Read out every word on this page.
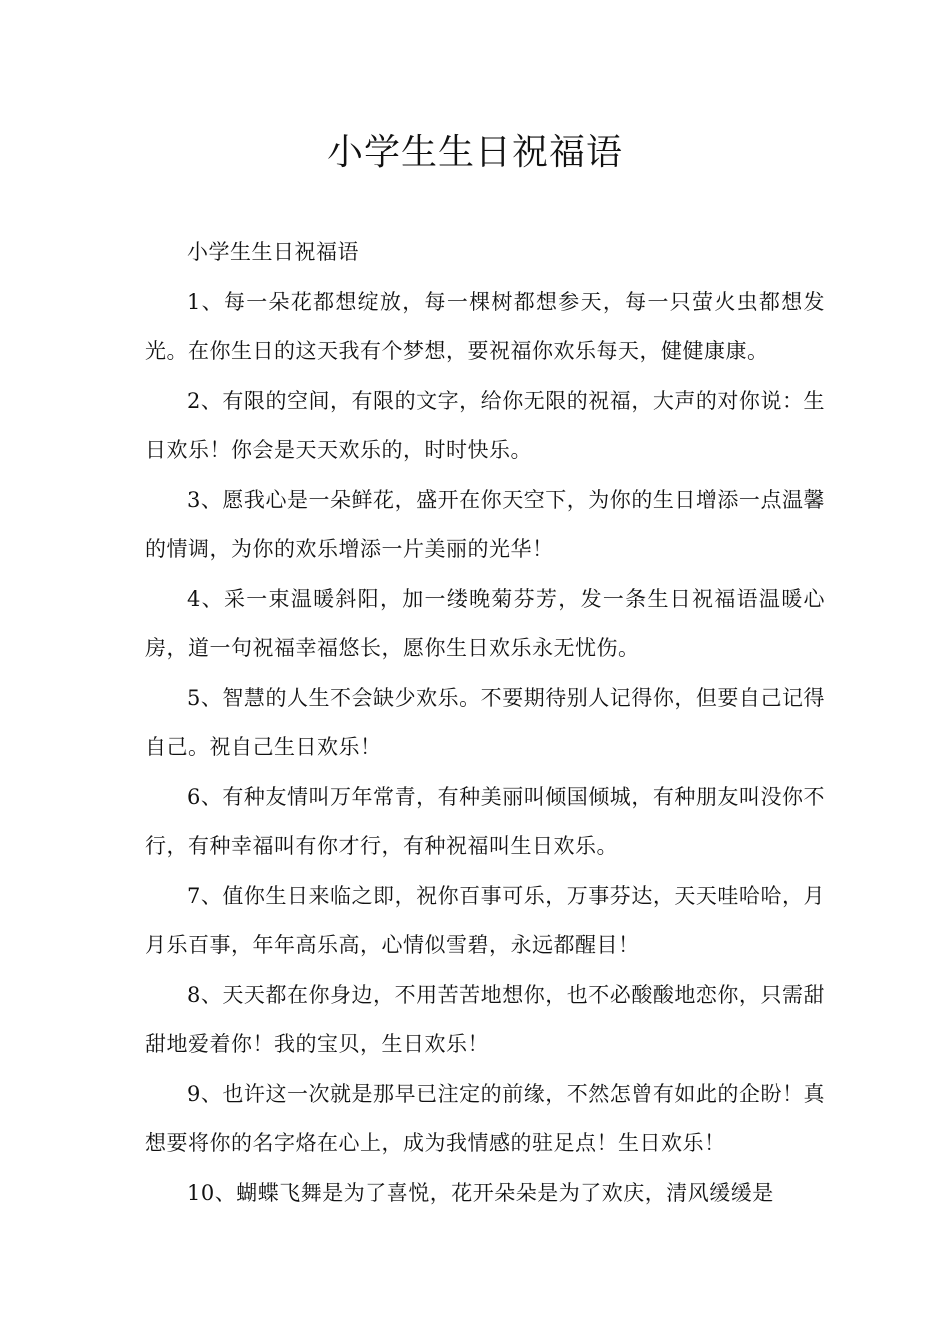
小学生生日祝福语

小学生生日祝福语

1、每一朵花都想绽放，每一棵树都想参天，每一只萤火虫都想发光。在你生日的这天我有个梦想，要祝福你欢乐每天，健健康康。

2、有限的空间，有限的文字，给你无限的祝福，大声的对你说：生日欢乐！你会是天天欢乐的，时时快乐。

3、愿我心是一朵鲜花，盛开在你天空下，为你的生日增添一点温馨的情调，为你的欢乐增添一片美丽的光华！

4、采一束温暖斜阳，加一缕晚菊芬芳，发一条生日祝福语温暖心房，道一句祝福幸福悠长，愿你生日欢乐永无忧伤。

5、智慧的人生不会缺少欢乐。不要期待别人记得你，但要自己记得自己。祝自己生日欢乐！

6、有种友情叫万年常青，有种美丽叫倾国倾城，有种朋友叫没你不行，有种幸福叫有你才行，有种祝福叫生日欢乐。

7、值你生日来临之即，祝你百事可乐，万事芬达，天天哇哈哈，月月乐百事，年年高乐高，心情似雪碧，永远都醒目！

8、天天都在你身边，不用苦苦地想你，也不必酸酸地恋你，只需甜甜地爱着你！我的宝贝，生日欢乐！

9、也许这一次就是那早已注定的前缘，不然怎曾有如此的企盼！真想要将你的名字烙在心上，成为我情感的驻足点！生日欢乐！

10、蝴蝶飞舞是为了喜悦，花开朵朵是为了欢庆，清风缓缓是
